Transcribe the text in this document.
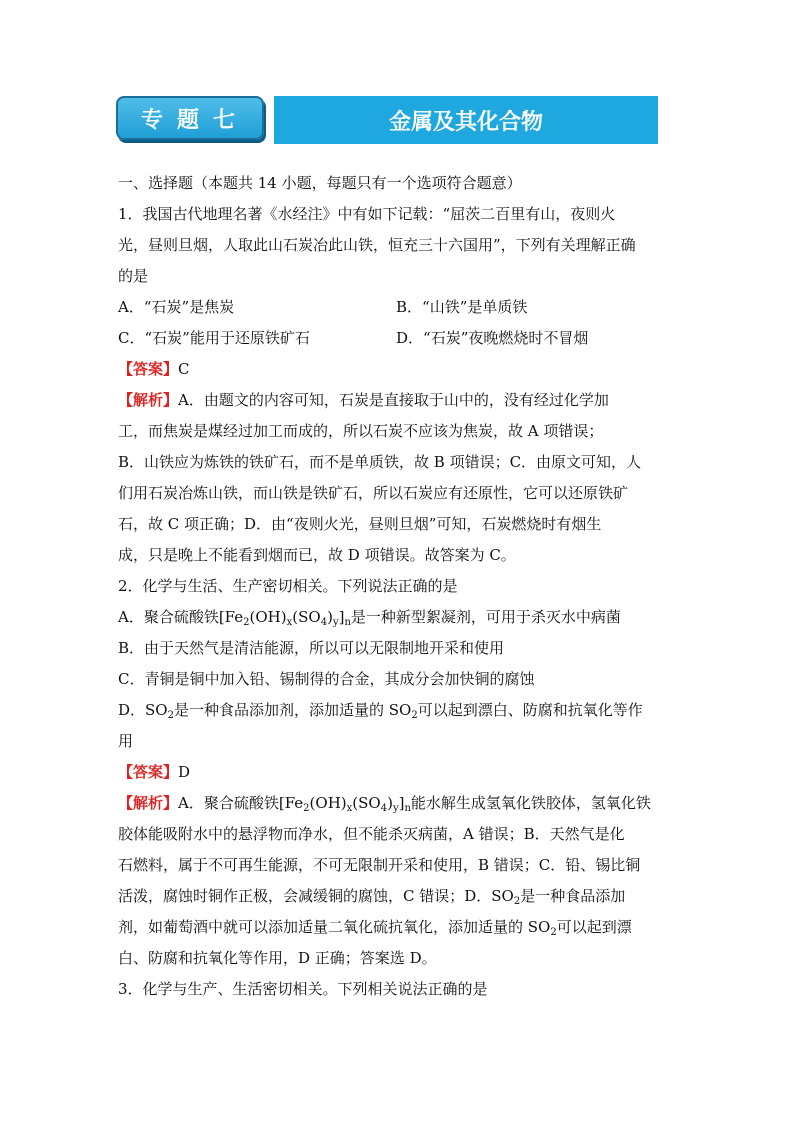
专题七	金属及其化合物
一、选择题（本题共 14 小题，每题只有一个选项符合题意）
1．我国古代地理名著《水经注》中有如下记载：“屈茨二百里有山，夜则火
光，昼则旦烟，人取此山石炭冶此山铁，恒充三十六国用”，下列有关理解正确
的是
A．“石炭”是焦炭	B．“山铁”是单质铁
C．“石炭”能用于还原铁矿石	D．“石炭”夜晚燃烧时不冒烟
【答案】C
【解析】A．由题文的内容可知，石炭是直接取于山中的，没有经过化学加
工，而焦炭是煤经过加工而成的，所以石炭不应该为焦炭，故 A 项错误；
B．山铁应为炼铁的铁矿石，而不是单质铁，故 B 项错误；C．由原文可知，人
们用石炭冶炼山铁，而山铁是铁矿石，所以石炭应有还原性，它可以还原铁矿
石，故 C 项正确；D．由“夜则火光，昼则旦烟”可知，石炭燃烧时有烟生
成，只是晚上不能看到烟而已，故 D 项错误。故答案为 C。
2．化学与生活、生产密切相关。下列说法正确的是
A．聚合硫酸铁$[Fe_2(OH)_x(SO_4)_y]_n$是一种新型絮凝剂，可用于杀灭水中病菌
B．由于天然气是清洁能源，所以可以无限制地开采和使用
C．青铜是铜中加入铅、锡制得的合金，其成分会加快铜的腐蚀
D．$SO_2$是一种食品添加剂，添加适量的 $SO_2$可以起到漂白、防腐和抗氧化等作
用
【答案】D
【解析】A．聚合硫酸铁$[Fe_2(OH)_x(SO_4)_y]_n$能水解生成氢氧化铁胶体，氢氧化铁
胶体能吸附水中的悬浮物而净水，但不能杀灭病菌，A 错误；B．天然气是化
石燃料，属于不可再生能源，不可无限制开采和使用，B 错误；C．铅、锡比铜
活泼，腐蚀时铜作正极，会减缓铜的腐蚀，C 错误；D．$SO_2$是一种食品添加
剂，如葡萄酒中就可以添加适量二氧化硫抗氧化，添加适量的 $SO_2$可以起到漂
白、防腐和抗氧化等作用，D 正确；答案选 D。
3．化学与生产、生活密切相关。下列相关说法正确的是
